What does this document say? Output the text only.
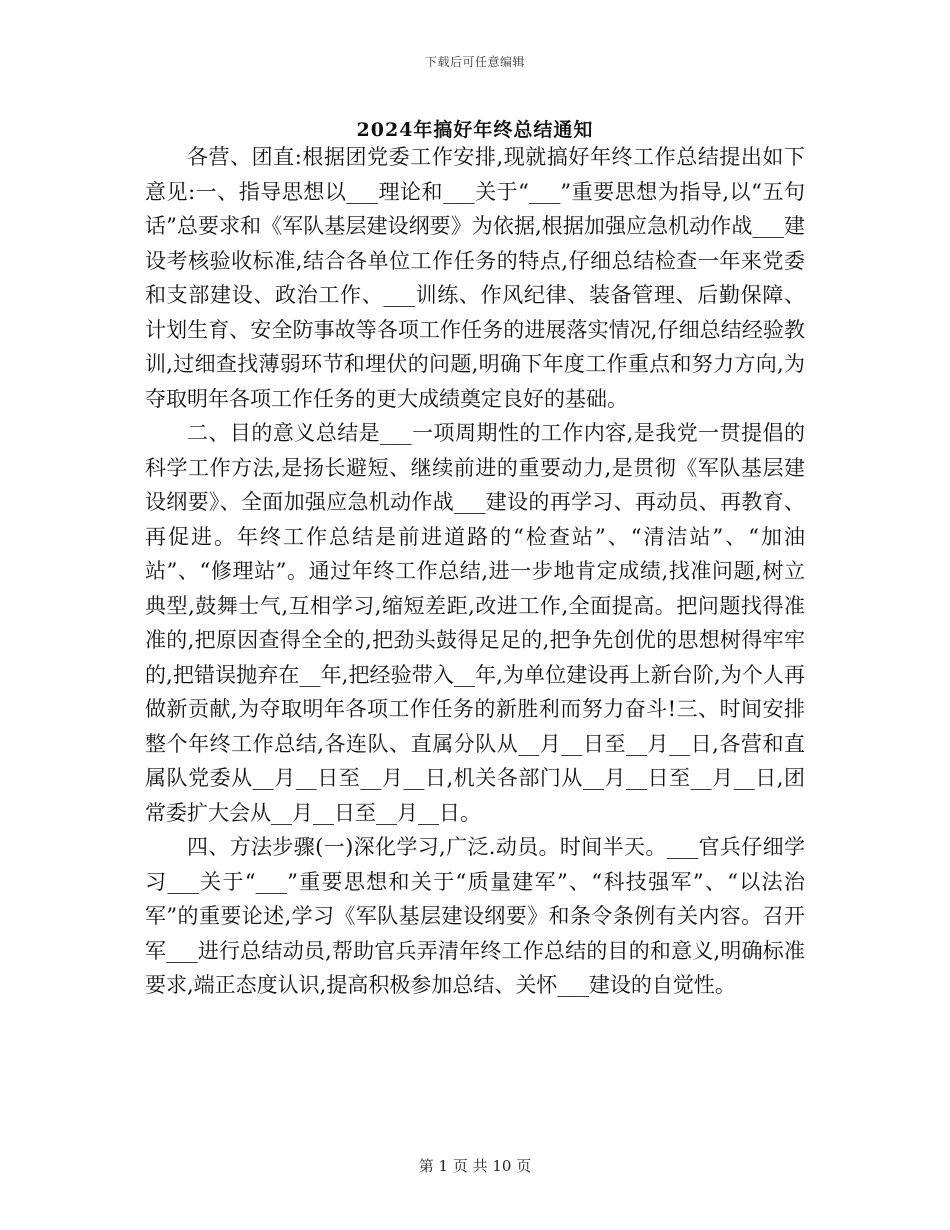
下载后可任意编辑
2024年搞好年终总结通知

各营、团直:根据团党委工作安排,现就搞好年终工作总结提出如下意见:一、指导思想以___理论和___关于“___”重要思想为指导,以“五句话”总要求和《军队基层建设纲要》为依据,根据加强应急机动作战___建设考核验收标准,结合各单位工作任务的特点,仔细总结检查一年来党委和支部建设、政治工作、___训练、作风纪律、装备管理、后勤保障、计划生育、安全防事故等各项工作任务的进展落实情况,仔细总结经验教训,过细查找薄弱环节和埋伏的问题,明确下年度工作重点和努力方向,为夺取明年各项工作任务的更大成绩奠定良好的基础。

二、目的意义总结是___一项周期性的工作内容,是我党一贯提倡的科学工作方法,是扬长避短、继续前进的重要动力,是贯彻《军队基层建设纲要》、全面加强应急机动作战___建设的再学习、再动员、再教育、再促进。年终工作总结是前进道路的“检查站”、“清洁站”、“加油站”、“修理站”。通过年终工作总结,进一步地肯定成绩,找准问题,树立典型,鼓舞士气,互相学习,缩短差距,改进工作,全面提高。把问题找得准准的,把原因查得全全的,把劲头鼓得足足的,把争先创优的思想树得牢牢的,把错误抛弃在__年,把经验带入__年,为单位建设再上新台阶,为个人再做新贡献,为夺取明年各项工作任务的新胜利而努力奋斗!三、时间安排整个年终工作总结,各连队、直属分队从__月__日至__月__日,各营和直属队党委从__月__日至__月__日,机关各部门从__月__日至__月__日,团常委扩大会从__月__日至__月__日。

四、方法步骤(一)深化学习,广泛.动员。时间半天。___官兵仔细学习___关于“___”重要思想和关于“质量建军”、“科技强军”、“以法治军”的重要论述,学习《军队基层建设纲要》和条令条例有关内容。召开军___进行总结动员,帮助官兵弄清年终工作总结的目的和意义,明确标准要求,端正态度认识,提高积极参加总结、关怀___建设的自觉性。

第 1 页 共 10 页
